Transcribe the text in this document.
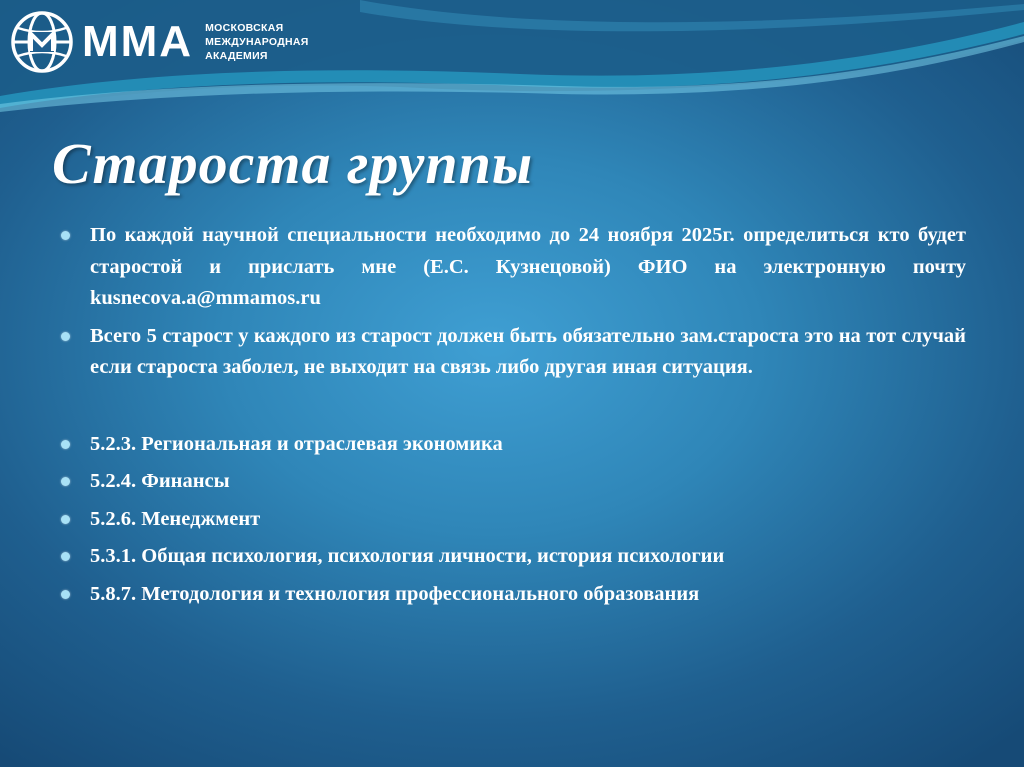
ММА МОСКОВСКАЯ
МЕЖДУНАРОДНАЯ
АКАДЕМИЯ
Староста группы
По каждой научной специальности необходимо до 24 ноября 2025г. определиться кто будет старостой и прислать мне (Е.С. Кузнецовой) ФИО на электронную почту kusnecova.a@mmamos.ru
Всего 5 старост у каждого из старост должен быть обязательно зам.староста это на тот случай если староста заболел, не выходит на связь либо другая иная ситуация.
5.2.3. Региональная и отраслевая экономика
5.2.4. Финансы
5.2.6. Менеджмент
5.3.1. Общая психология, психология личности, история психологии
5.8.7. Методология и технология профессионального образования
